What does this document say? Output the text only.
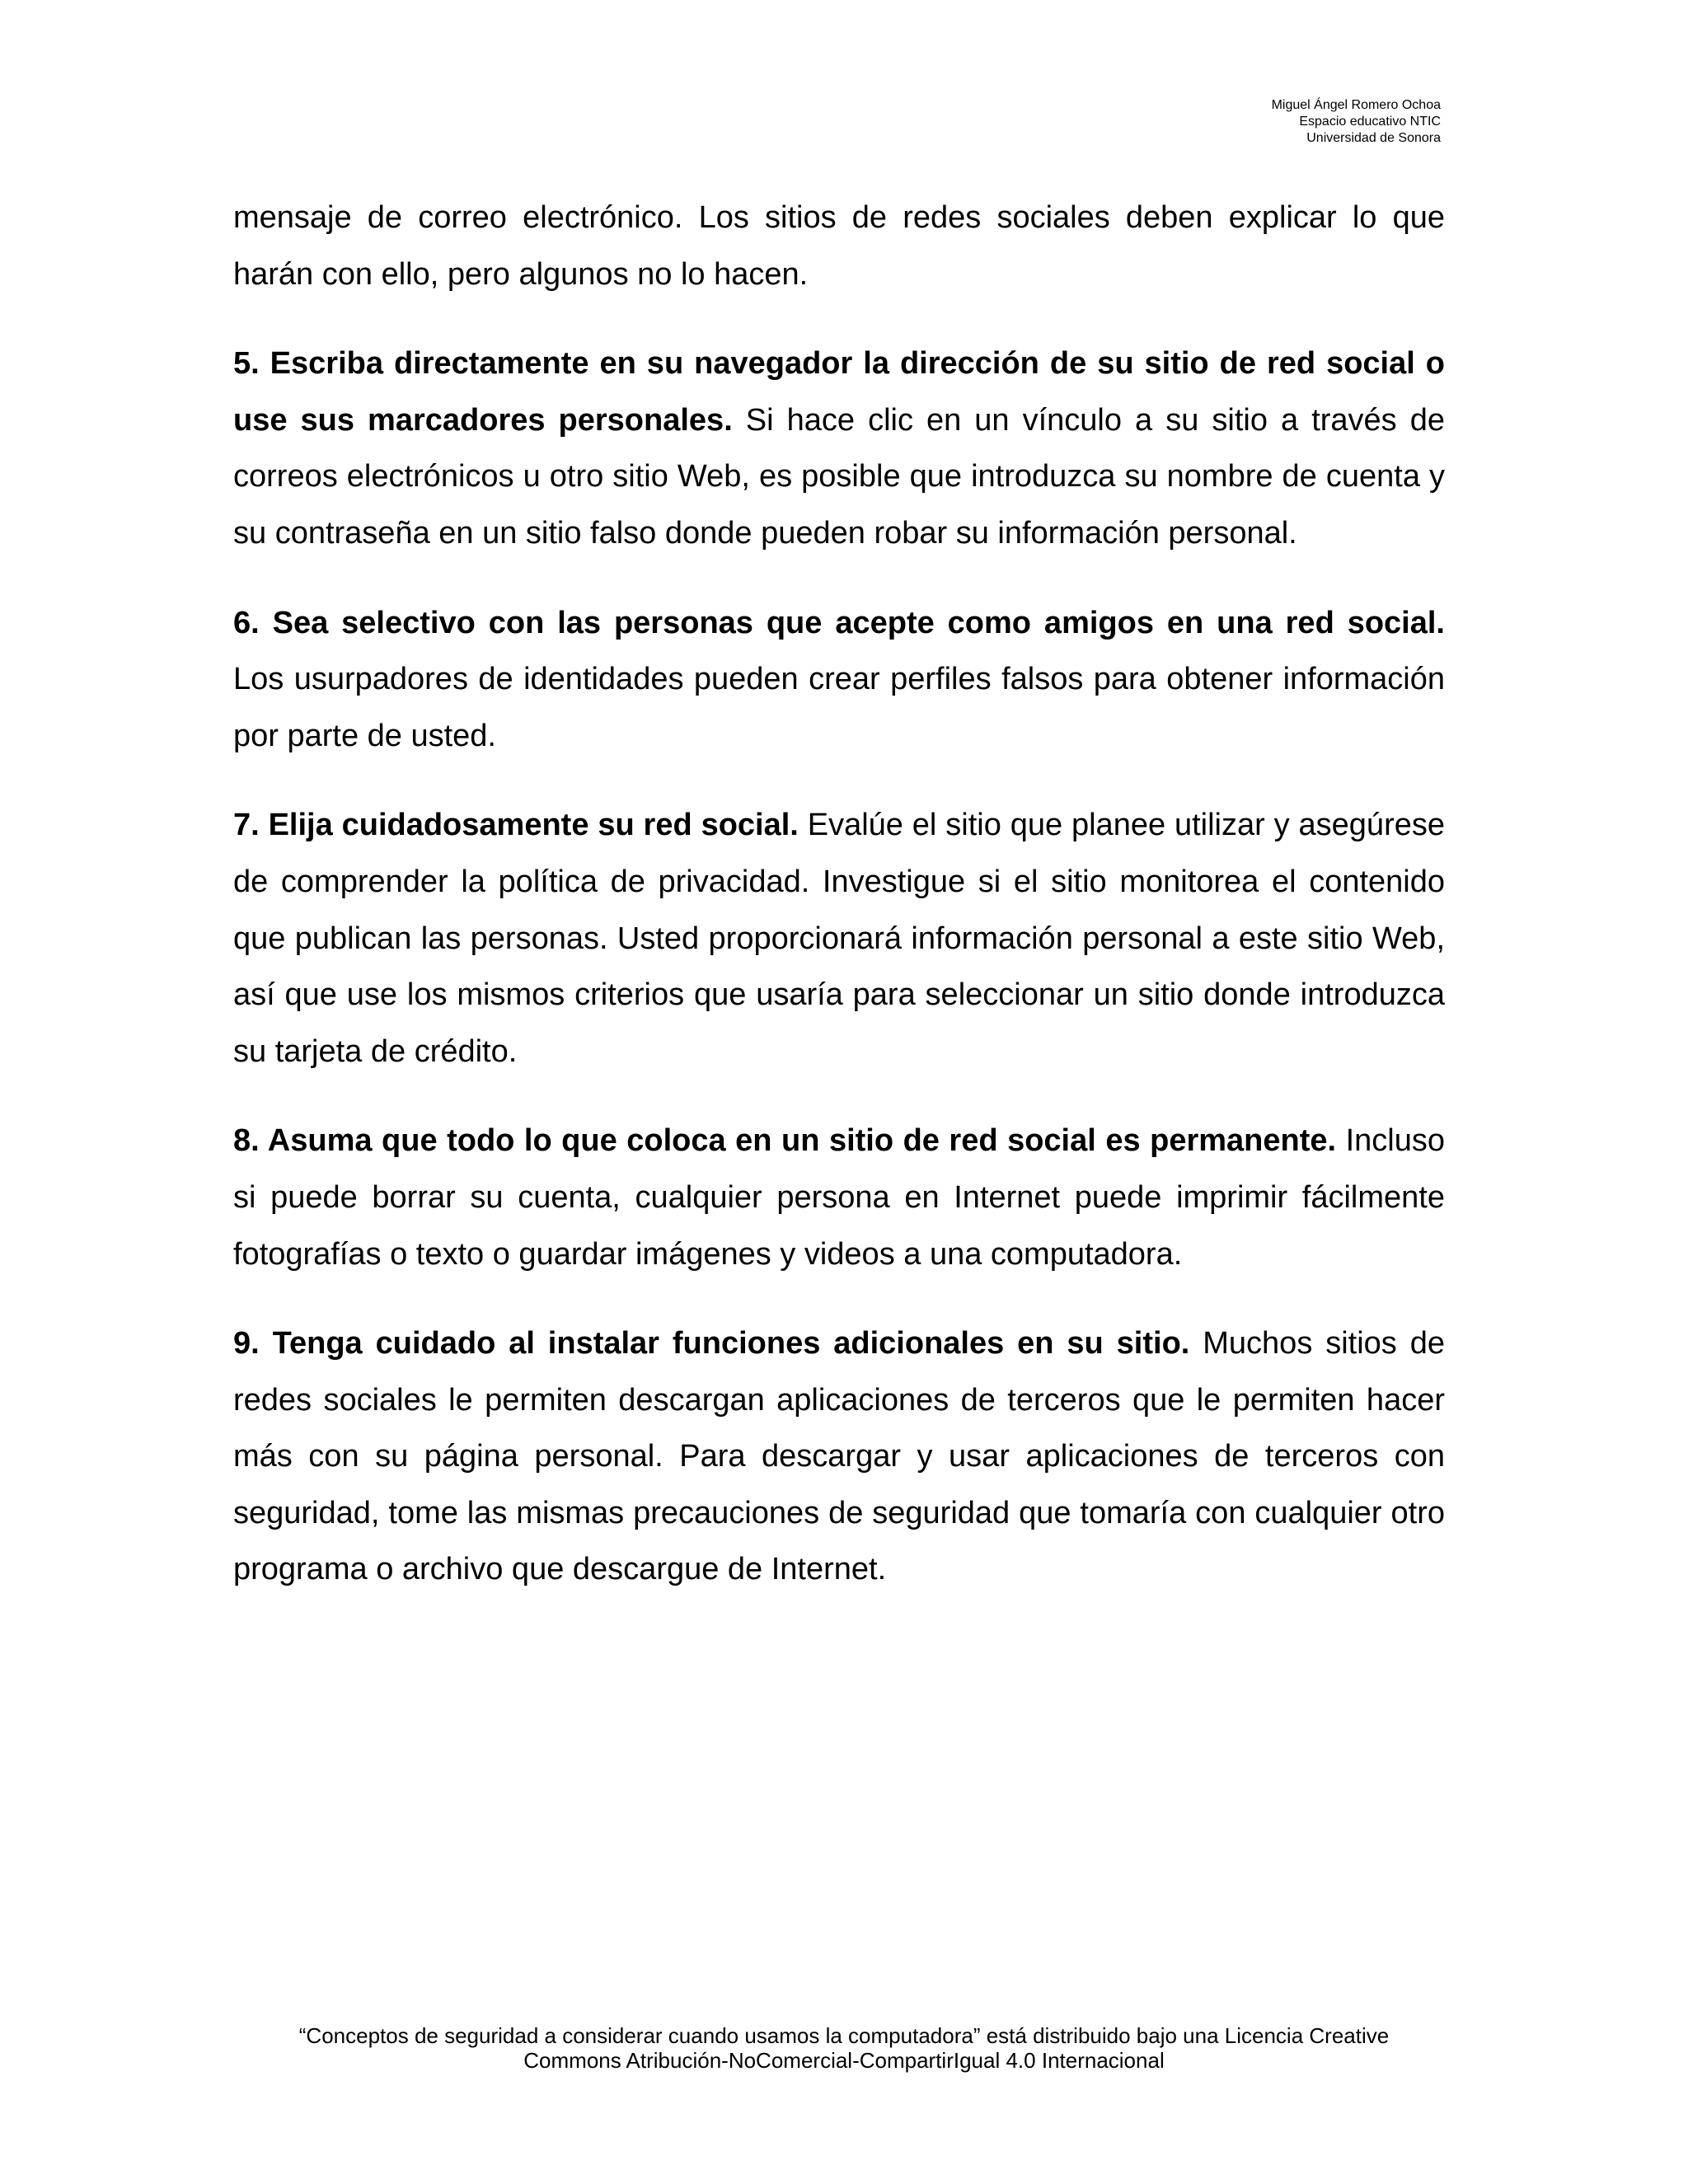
Miguel Ángel Romero Ochoa
Espacio educativo NTIC
Universidad de Sonora

mensaje de correo electrónico. Los sitios de redes sociales deben explicar lo que harán con ello, pero algunos no lo hacen.

5. Escriba directamente en su navegador la dirección de su sitio de red social o use sus marcadores personales. Si hace clic en un vínculo a su sitio a través de correos electrónicos u otro sitio Web, es posible que introduzca su nombre de cuenta y su contraseña en un sitio falso donde pueden robar su información personal.

6. Sea selectivo con las personas que acepte como amigos en una red social. Los usurpadores de identidades pueden crear perfiles falsos para obtener información por parte de usted.

7. Elija cuidadosamente su red social. Evalúe el sitio que planee utilizar y asegúrese de comprender la política de privacidad. Investigue si el sitio monitorea el contenido que publican las personas. Usted proporcionará información personal a este sitio Web, así que use los mismos criterios que usaría para seleccionar un sitio donde introduzca su tarjeta de crédito.

8. Asuma que todo lo que coloca en un sitio de red social es permanente. Incluso si puede borrar su cuenta, cualquier persona en Internet puede imprimir fácilmente fotografías o texto o guardar imágenes y videos a una computadora.

9. Tenga cuidado al instalar funciones adicionales en su sitio. Muchos sitios de redes sociales le permiten descargan aplicaciones de terceros que le permiten hacer más con su página personal. Para descargar y usar aplicaciones de terceros con seguridad, tome las mismas precauciones de seguridad que tomaría con cualquier otro programa o archivo que descargue de Internet.

“Conceptos de seguridad a considerar cuando usamos la computadora” está distribuido bajo una Licencia Creative
Commons Atribución-NoComercial-CompartirIgual 4.0 Internacional
